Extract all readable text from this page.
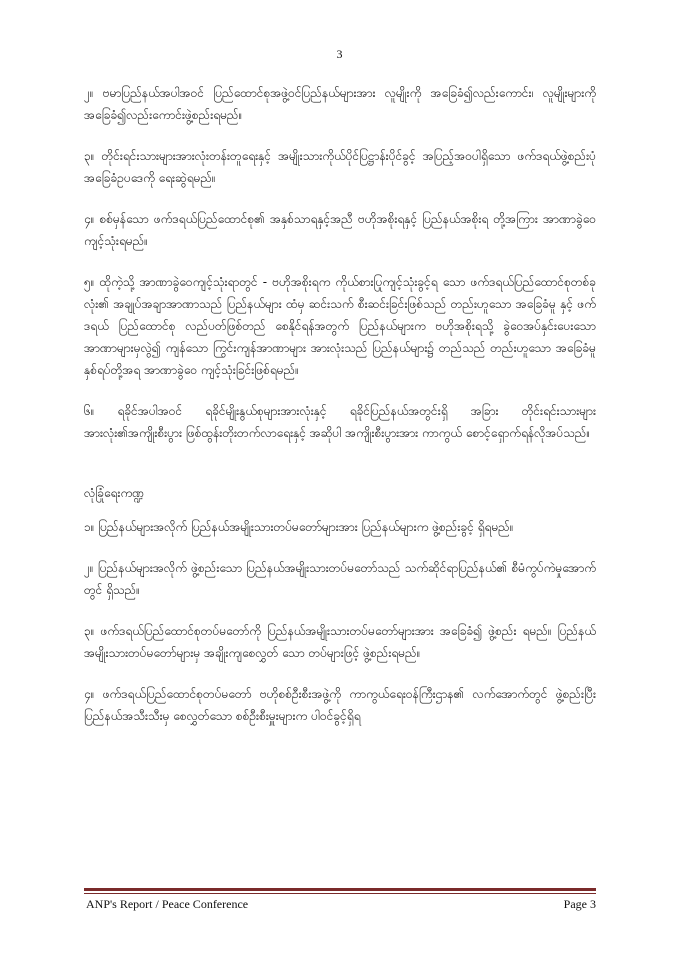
3

၂။ ဗမာပြည်နယ်အပါအဝင် ပြည်ထောင်စုအဖွဲ့ဝင်ပြည်နယ်များအား လူမျိုးကို အခြေခံ၍လည်းကောင်း၊ လူမျိုးများကို အခြေခံ၍လည်းကောင်းဖွဲ့စည်းရမည်။

၃။ တိုင်းရင်းသားများအားလုံးတန်းတူရေးနှင့် အမျိုးသားကိုယ်ပိုင်ပြဋ္ဌာန်းပိုင်ခွင့် အပြည့်အဝပါရှိသော ဖက်ဒရယ်ဖွဲ့စည်းပုံ အခြေခံဥပဒေကို ရေးဆွဲရမည်။

၄။ စစ်မှန်သော ဖက်ဒရယ်ပြည်ထောင်စု၏ အနှစ်သာရနှင့်အညီ ဗဟိုအစိုးရနှင့် ပြည်နယ်အစိုးရ တို့အကြား အာဏာခွဲဝေ ကျင့်သုံးရမည်။

၅။ ထိုကဲ့သို့ အာဏာခွဲဝေကျင့်သုံးရာတွင် - ဗဟိုအစိုးရက ကိုယ်စားပြုကျင့်သုံးခွင့်ရ သော ဖက်ဒရယ်ပြည်ထောင်စုတစ်ခုလုံး၏ အချုပ်အချာအာဏာသည် ပြည်နယ်များ ထံမှ ဆင်းသက် စီးဆင်းခြင်းဖြစ်သည် တည်းဟူသော အခြေခံမူ နှင့် ဖက်ဒရယ် ပြည်ထောင်စု လည်ပတ်ဖြစ်တည် စေနိုင်ရန်အတွက် ပြည်နယ်များက ဗဟိုအစိုးရသို့ ခွဲဝေအပ်နှင်းပေးသော အာဏာများမှလွဲ၍ ကျန်သော ကြွင်းကျန်အာဏာများ အားလုံးသည် ပြည်နယ်များ၌ တည်သည် တည်းဟူသော အခြေခံမူ နှစ်ရပ်တို့အရ အာဏာခွဲဝေ ကျင့်သုံးခြင်းဖြစ်ရမည်။

၆။ ရခိုင်အပါအဝင် ရခိုင်မျိုးနွယ်စုများအားလုံးနှင့် ရခိုင်ပြည်နယ်အတွင်းရှိ အခြား တိုင်းရင်းသားများ အားလုံး၏အကျိုးစီးပွား ဖြစ်ထွန်းတိုးတက်လာရေးနှင့် အဆိုပါ အကျိုးစီးပွားအား ကာကွယ် စောင့်ရှောက်ရန်လိုအပ်သည်။

လုံခြုံရေးကဏ္ဍ

၁။ ပြည်နယ်များအလိုက် ပြည်နယ်အမျိုးသားတပ်မတော်များအား ပြည်နယ်များက ဖွဲ့စည်းခွင့် ရှိရမည်။

၂။ ပြည်နယ်များအလိုက် ဖွဲ့စည်းသော ပြည်နယ်အမျိုးသားတပ်မတော်သည် သက်ဆိုင်ရာပြည်နယ်၏ စီမံကွပ်ကဲမှုအောက်တွင် ရှိသည်။

၃။ ဖက်ဒရယ်ပြည်ထောင်စုတပ်မတော်ကို ပြည်နယ်အမျိုးသားတပ်မတော်များအား အခြေခံ၍ ဖွဲ့စည်း ရမည်။ ပြည်နယ်အမျိုးသားတပ်မတော်များမှ အချိုးကျစေလွှတ် သော တပ်များဖြင့် ဖွဲ့စည်းရမည်။

၄။ ဖက်ဒရယ်ပြည်ထောင်စုတပ်မတော် ဗဟိုစစ်ဦးစီးအဖွဲ့ကို ကာကွယ်ရေးဝန်ကြီးဌာန၏ လက်အောက်တွင် ဖွဲ့စည်းပြီး ပြည်နယ်အသီးသီးမှ စေလွှတ်သော စစ်ဦးစီးမှူးများက ပါဝင်ခွင့်ရှိရ

ANP's Report / Peace Conference	Page 3
